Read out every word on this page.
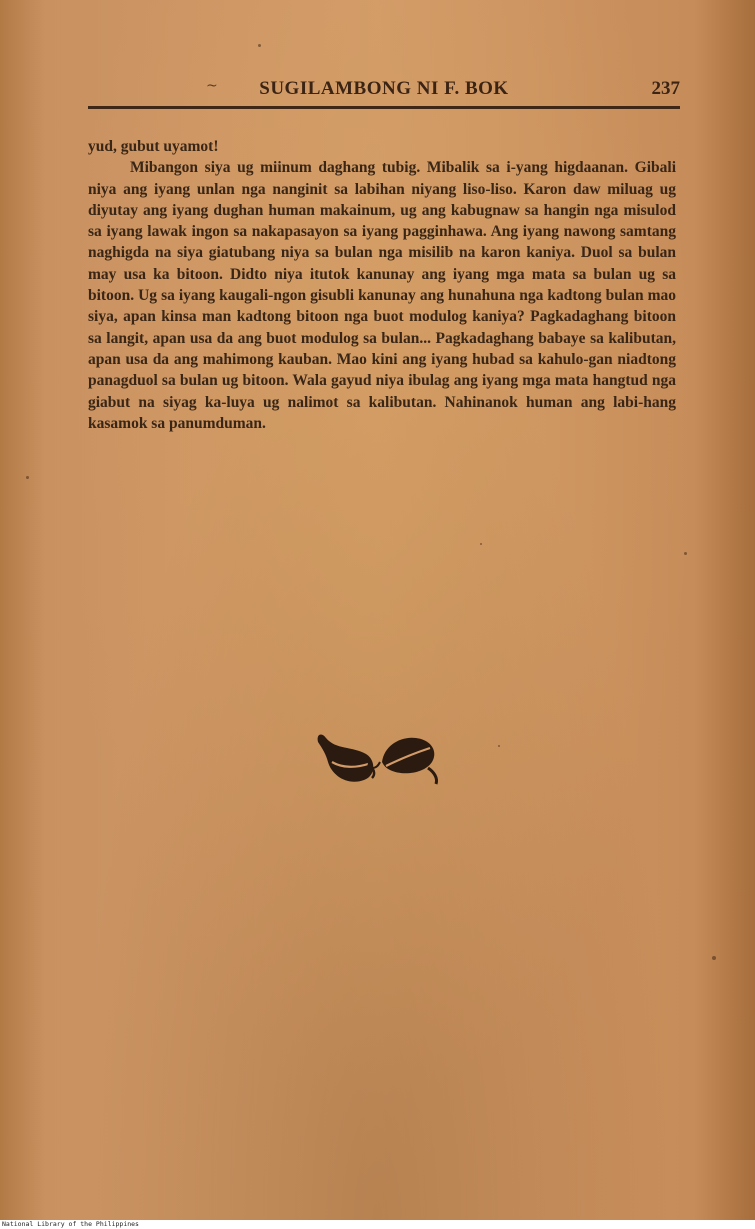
~	SUGILAMBONG NI F. BOK	237

yud, gubut uyamot!

Mibangon siya ug miinum daghang tubig. Mibalik sa i-yang higdaanan. Gibali niya ang iyang unlan nga nanginit sa labihan niyang liso-liso. Karon daw miluag ug diyutay ang iyang dughan human makainum, ug ang kabugnaw sa hangin nga misulod sa iyang lawak ingon sa nakapasayon sa iyang pagginhawa. Ang iyang nawong samtang naghigda na siya giatubang niya sa bulan nga misilib na karon kaniya. Duol sa bulan may usa ka bitoon. Didto niya itutok kanunay ang iyang mga mata sa bulan ug sa bitoon. Ug sa iyang kaugali-ngon gisubli kanunay ang hunahuna nga kadtong bulan mao siya, apan kinsa man kadtong bitoon nga buot modulog kaniya? Pagkadaghang bitoon sa langit, apan usa da ang buot modulog sa bulan... Pagkadaghang babaye sa kalibutan, apan usa da ang mahimong kauban. Mao kini ang iyang hubad sa kahulo-gan niadtong panagduol sa bulan ug bitoon. Wala gayud niya ibulag ang iyang mga mata hangtud nga giabut na siyag ka-luya ug nalimot sa kalibutan. Nahinanok human ang labi-hang kasamok sa panumduman.

National Library of the Philippines
